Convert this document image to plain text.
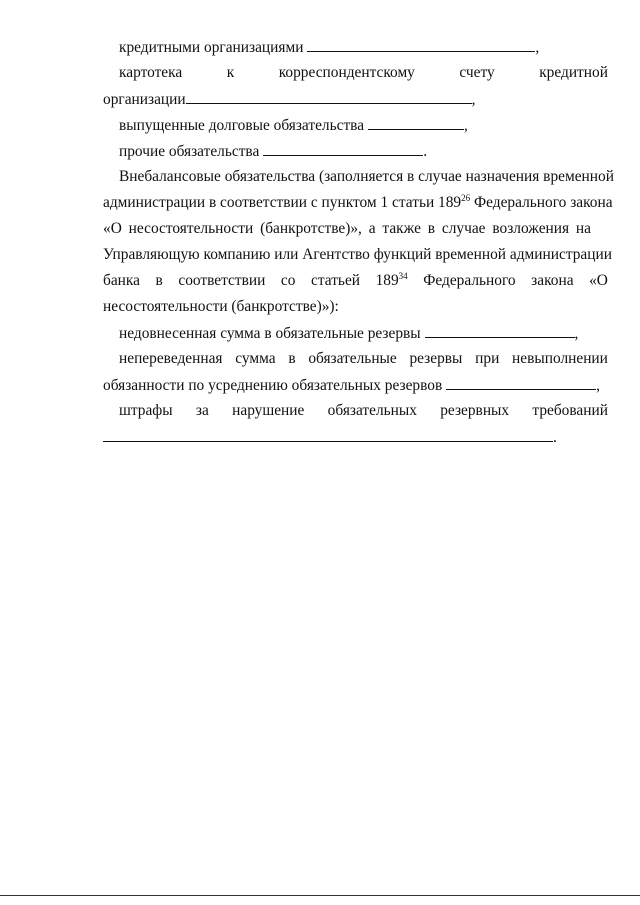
кредитными организациями	,
картотека	к	корреспондентскому	счету	кредитной
организации	,
выпущенные долговые обязательства	,
прочие обязательства	.
Внебалансовые обязательства (заполняется в случае назначения временной
администрации в соответствии с пунктом 1 статьи $189^{26}$ Федерального закона
«О несостоятельности (банкротстве)», а также в случае возложения на
Управляющую компанию или Агентство функций временной администрации
банка в соответствии со статьей $189^{34}$ Федерального закона «О
несостоятельности (банкротстве)»):
недовнесенная сумма в обязательные резервы	,
непереведенная сумма в обязательные резервы при невыполнении
обязанности по усреднению обязательных резервов	,
штрафы за нарушение обязательных резервных требований
.
